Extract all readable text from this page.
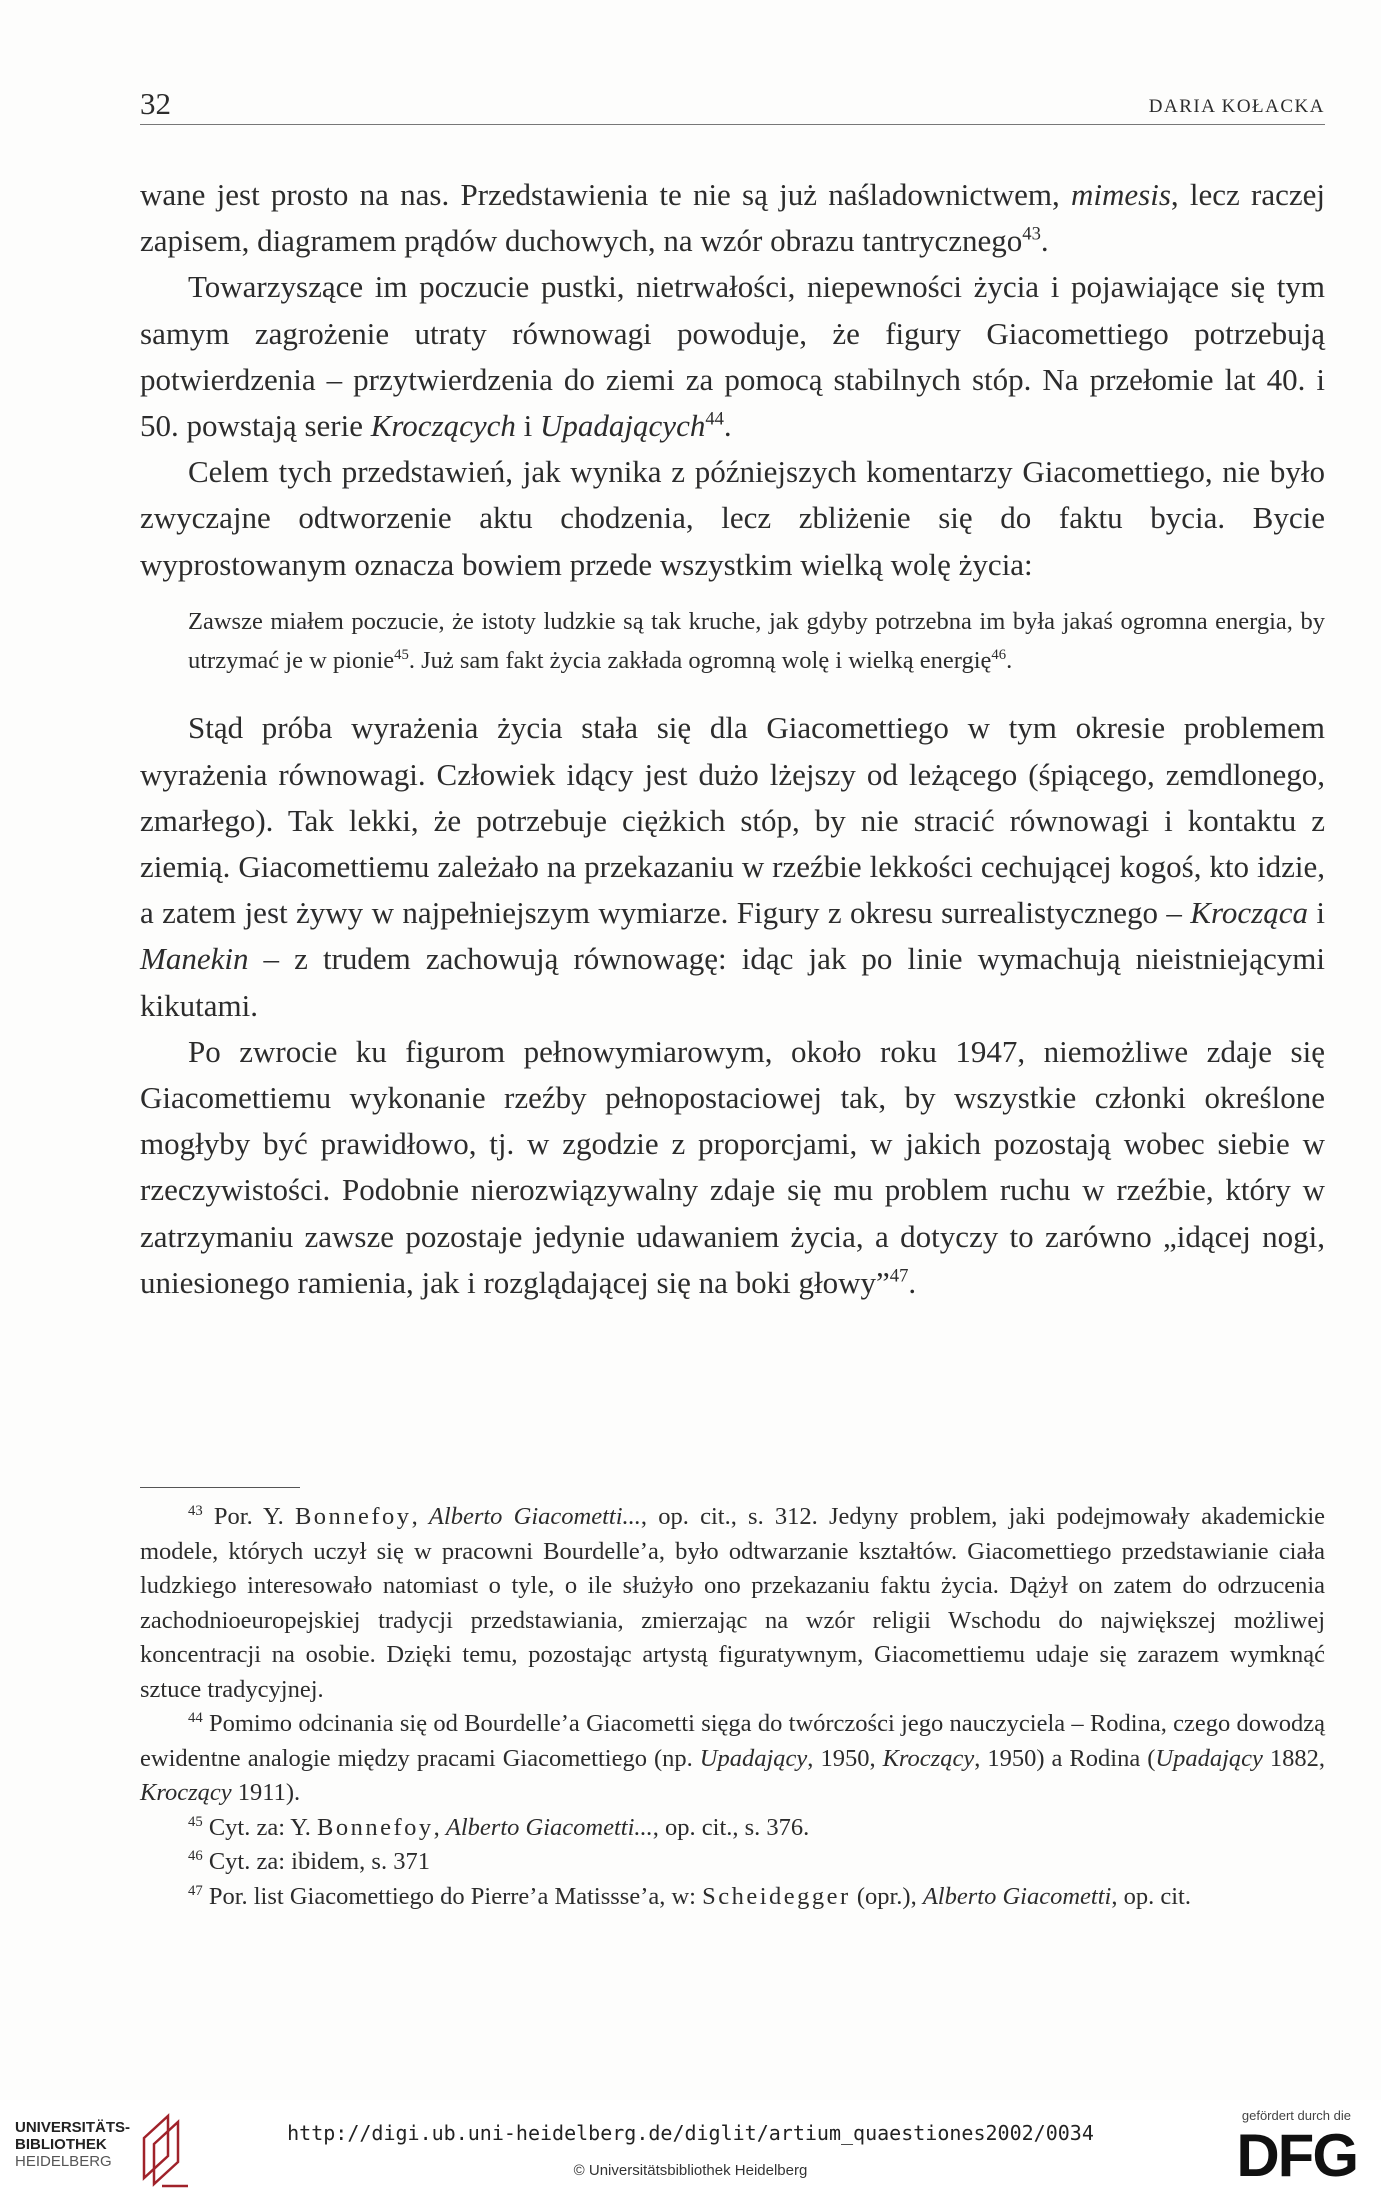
32	DARIA KOŁACKA

wane jest prosto na nas. Przedstawienia te nie są już naśladownictwem, mimesis, lecz raczej zapisem, diagramem prądów duchowych, na wzór obrazu tantrycznego$^{43}$.

Towarzyszące im poczucie pustki, nietrwałości, niepewności życia i pojawiające się tym samym zagrożenie utraty równowagi powoduje, że figury Giacomettiego potrzebują potwierdzenia – przytwierdzenia do ziemi za pomocą stabilnych stóp. Na przełomie lat 40. i 50. powstają serie Kroczących i Upadających$^{44}$.

Celem tych przedstawień, jak wynika z późniejszych komentarzy Giacomettiego, nie było zwyczajne odtworzenie aktu chodzenia, lecz zbliżenie się do faktu bycia. Bycie wyprostowanym oznacza bowiem przede wszystkim wielką wolę życia:

Zawsze miałem poczucie, że istoty ludzkie są tak kruche, jak gdyby potrzebna im była jakaś ogromna energia, by utrzymać je w pionie$^{45}$. Już sam fakt życia zakłada ogromną wolę i wielką energię$^{46}$.

Stąd próba wyrażenia życia stała się dla Giacomettiego w tym okresie problemem wyrażenia równowagi. Człowiek idący jest dużo lżejszy od leżącego (śpiącego, zemdlonego, zmarłego). Tak lekki, że potrzebuje ciężkich stóp, by nie stracić równowagi i kontaktu z ziemią. Giacomettiemu zależało na przekazaniu w rzeźbie lekkości cechującej kogoś, kto idzie, a zatem jest żywy w najpełniejszym wymiarze. Figury z okresu surrealistycznego – Krocząca i Manekin – z trudem zachowują równowagę: idąc jak po linie wymachują nieistniejącymi kikutami.

Po zwrocie ku figurom pełnowymiarowym, około roku 1947, niemożliwe zdaje się Giacomettiemu wykonanie rzeźby pełnopostaciowej tak, by wszystkie członki określone mogłyby być prawidłowo, tj. w zgodzie z proporcjami, w jakich pozostają wobec siebie w rzeczywistości. Podobnie nierozwiązywalny zdaje się mu problem ruchu w rzeźbie, który w zatrzymaniu zawsze pozostaje jedynie udawaniem życia, a dotyczy to zarówno „idącej nogi, uniesionego ramienia, jak i rozglądającej się na boki głowy”$^{47}$.

$^{43}$ Por. Y. Bonnefoy, Alberto Giacometti..., op. cit., s. 312. Jedyny problem, jaki podejmowały akademickie modele, których uczył się w pracowni Bourdelle’a, było odtwarzanie kształtów. Giacomettiego przedstawianie ciała ludzkiego interesowało natomiast o tyle, o ile służyło ono przekazaniu faktu życia. Dążył on zatem do odrzucenia zachodnioeuropejskiej tradycji przedstawiania, zmierzając na wzór religii Wschodu do największej możliwej koncentracji na osobie. Dzięki temu, pozostając artystą figuratywnym, Giacomettiemu udaje się zarazem wymknąć sztuce tradycyjnej.

$^{44}$ Pomimo odcinania się od Bourdelle’a Giacometti sięga do twórczości jego nauczyciela – Rodina, czego dowodzą ewidentne analogie między pracami Giacomettiego (np. Upadający, 1950, Kroczący, 1950) a Rodina (Upadający 1882, Kroczący 1911).

$^{45}$ Cyt. za: Y. Bonnefoy, Alberto Giacometti..., op. cit., s. 376.

$^{46}$ Cyt. za: ibidem, s. 371

$^{47}$ Por. list Giacomettiego do Pierre’a Matissse’a, w: Scheidegger (opr.), Alberto Giacometti, op. cit.

UNIVERSITÄTS-
BIBLIOTHEK
HEIDELBERG
http://digi.ub.uni-heidelberg.de/diglit/artium_quaestiones2002/0034
© Universitätsbibliothek Heidelberg
gefördert durch die
DFG
